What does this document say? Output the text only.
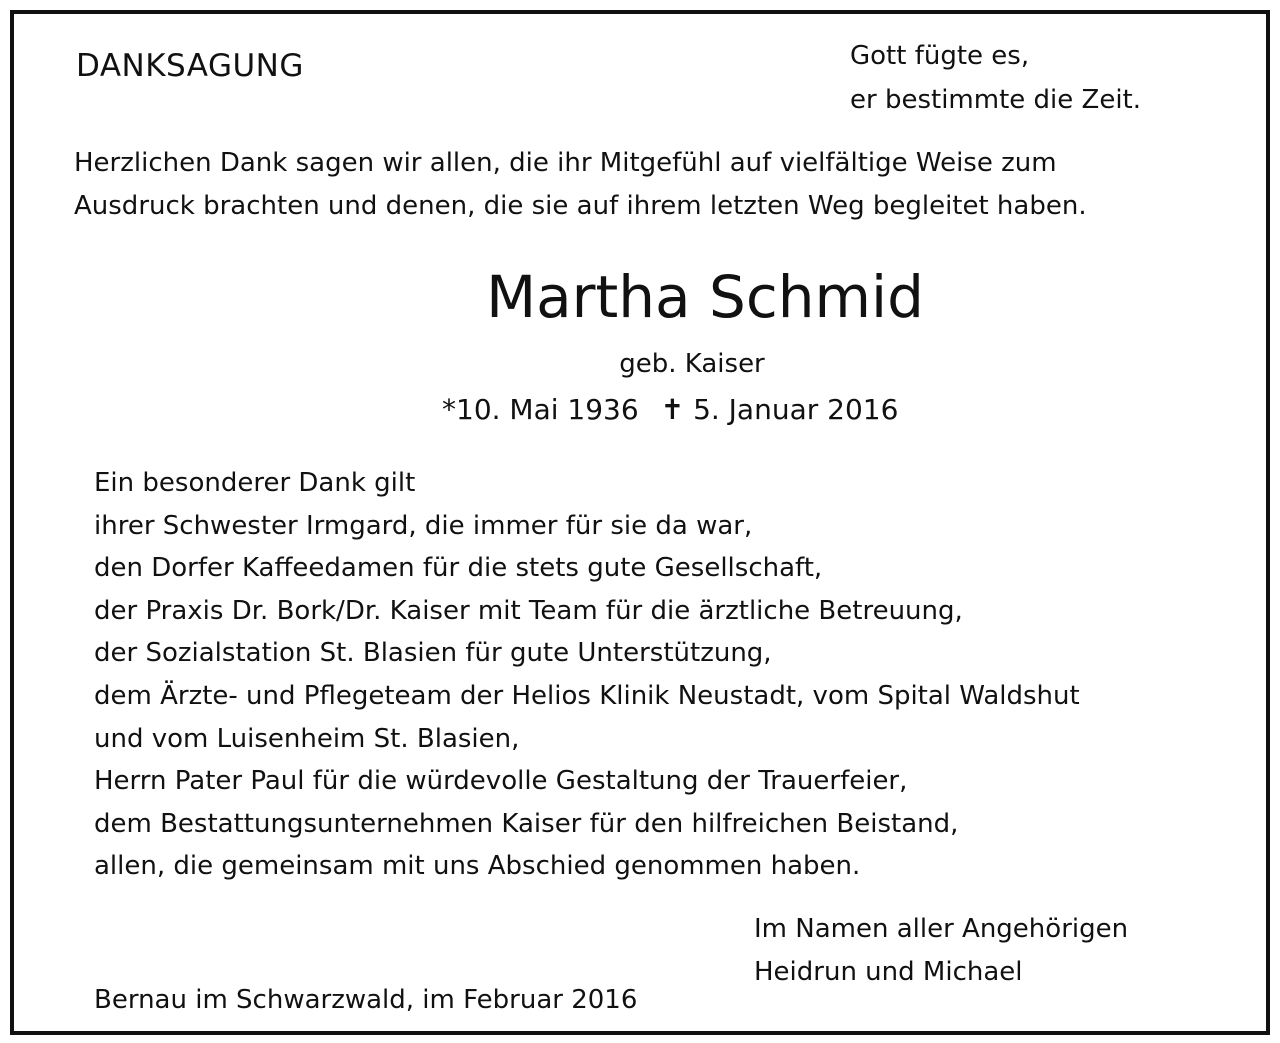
DANKSAGUNG	Gott fügte es,
er bestimmte die Zeit.
Herzlichen Dank sagen wir allen, die ihr Mitgefühl auf vielfältige Weise zum
Ausdruck brachten und denen, die sie auf ihrem letzten Weg begleitet haben.
Martha Schmid
geb. Kaiser
*10. Mai 1936 ✝ 5. Januar 2016
Ein besonderer Dank gilt
ihrer Schwester Irmgard, die immer für sie da war,
den Dorfer Kaffeedamen für die stets gute Gesellschaft,
der Praxis Dr. Bork/Dr. Kaiser mit Team für die ärztliche Betreuung,
der Sozialstation St. Blasien für gute Unterstützung,
dem Ärzte- und Pflegeteam der Helios Klinik Neustadt, vom Spital Waldshut
und vom Luisenheim St. Blasien,
Herrn Pater Paul für die würdevolle Gestaltung der Trauerfeier,
dem Bestattungsunternehmen Kaiser für den hilfreichen Beistand,
allen, die gemeinsam mit uns Abschied genommen haben.
Im Namen aller Angehörigen
Heidrun und Michael
Bernau im Schwarzwald, im Februar 2016
